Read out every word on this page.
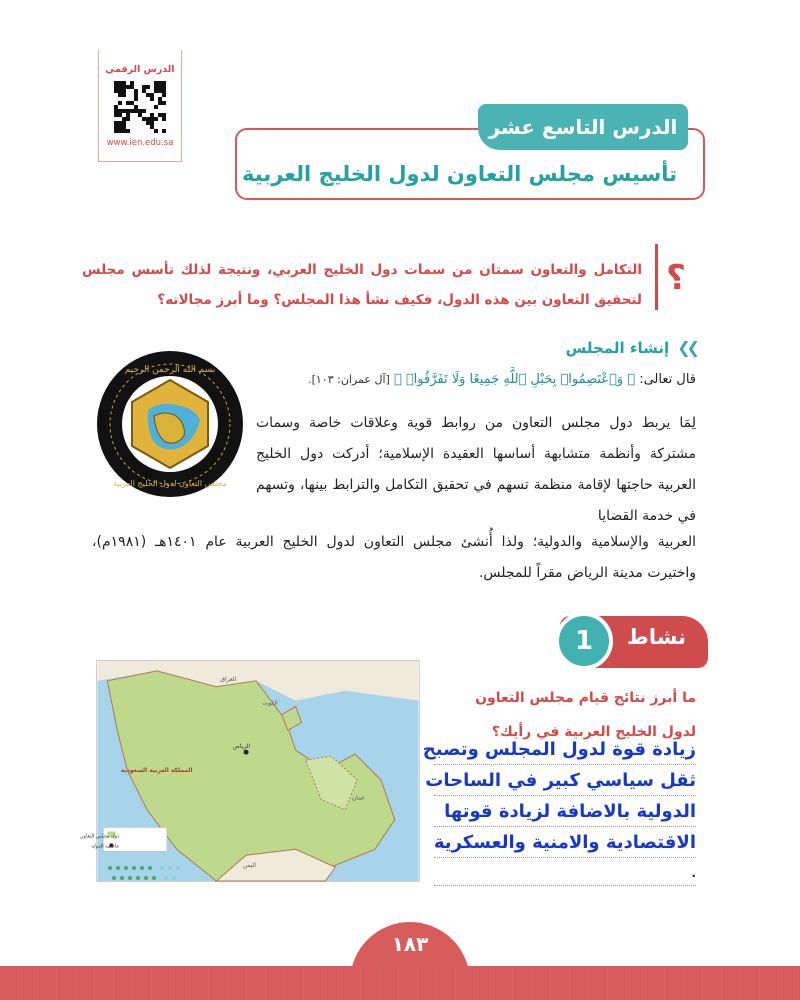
الدرس الرقمي
www.ien.edu.sa
تأسيس مجلس التعاون لدول الخليج العربية
الدرس التاسع عشر
؟
التكامل والتعاون سمتان من سمات دول الخليج العربي، ونتيجة لذلك تأسس مجلس لتحقيق التعاون بين هذه الدول، فكيف نشأ هذا المجلس؟ وما أبرز مجالاته؟
❯❯
إنشاء المجلس
بسم الله الرحمن الرحيم
مجلس التعاون لدول الخليج العربية
قال تعالى: ﴿ وَٱعْتَصِمُوا۟ بِحَبْلِ ٱللَّهِ جَمِيعًا وَلَا تَفَرَّقُوا۟ ﴾ [آل عمران: ١٠٣].
لِمَا يربط دول مجلس التعاون من روابط قوية وعلاقات خاصة وسمات مشتركة وأنظمة متشابهة أساسها العقيدة الإسلامية؛ أدركت دول الخليج العربية حاجتها لإقامة منظمة تسهم في تحقيق التكامل والترابط بينها، وتسهم في خدمة القضايا
العربية والإسلامية والدولية؛ ولذا أُنشئ مجلس التعاون لدول الخليج العربية عام ١٤٠١هـ (١٩٨١م)، واختيرت مدينة الرياض مقراً للمجلس.
نشاط
1
الرياض
العراق
الكويت
المملكة العربية السعودية
عمان
اليمن
دول مجلس التعاون
عاصمة الدولة
ما أبرز نتائج قيام مجلس التعاون
لدول الخليج العربية في رأيك؟
زيادة قوة لدول المجلس وتصبح
ثقل سياسي كبير في الساحات
الدولية بالاضافة لزيادة قوتها
الاقتصادية والامنية والعسكرية
.
١٨٣
